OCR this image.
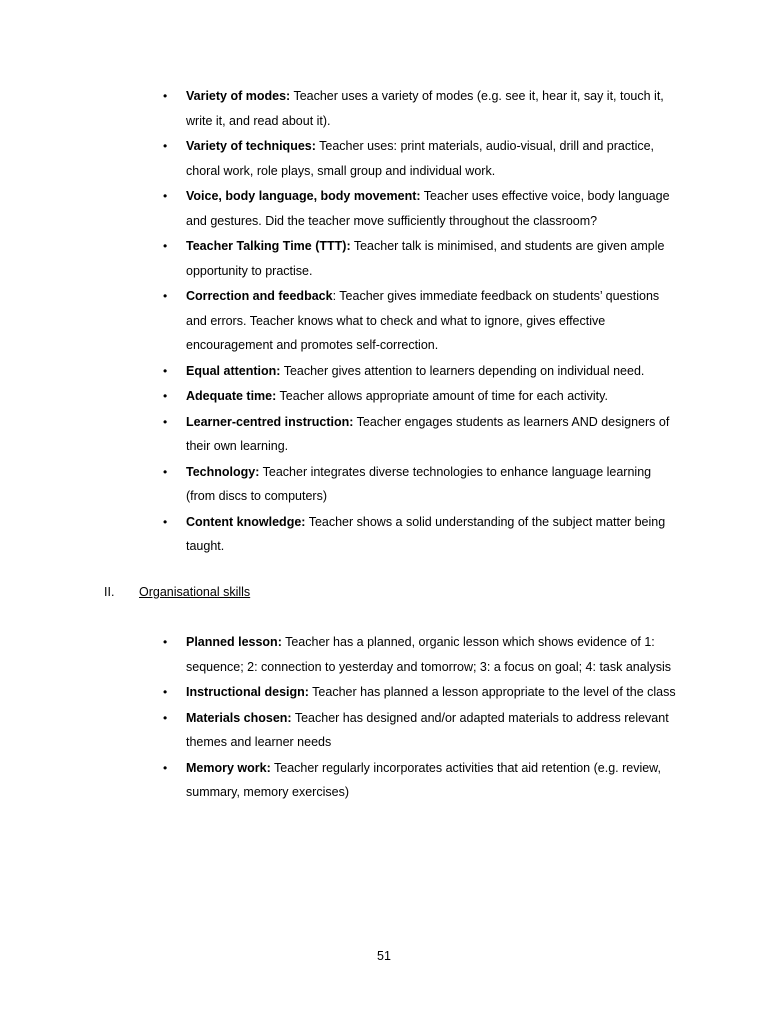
• Variety of modes: Teacher uses a variety of modes (e.g. see it, hear it, say it, touch it, write it, and read about it).
• Variety of techniques: Teacher uses: print materials, audio-visual, drill and practice, choral work, role plays, small group and individual work.
• Voice, body language, body movement: Teacher uses effective voice, body language and gestures. Did the teacher move sufficiently throughout the classroom?
• Teacher Talking Time (TTT): Teacher talk is minimised, and students are given ample opportunity to practise.
• Correction and feedback: Teacher gives immediate feedback on students’ questions and errors. Teacher knows what to check and what to ignore, gives effective encouragement and promotes self-correction.
• Equal attention: Teacher gives attention to learners depending on individual need.
• Adequate time: Teacher allows appropriate amount of time for each activity.
• Learner-centred instruction: Teacher engages students as learners AND designers of their own learning.
• Technology: Teacher integrates diverse technologies to enhance language learning (from discs to computers)
• Content knowledge: Teacher shows a solid understanding of the subject matter being taught.
II. Organisational skills
• Planned lesson: Teacher has a planned, organic lesson which shows evidence of 1: sequence; 2: connection to yesterday and tomorrow; 3: a focus on goal; 4: task analysis
• Instructional design: Teacher has planned a lesson appropriate to the level of the class
• Materials chosen: Teacher has designed and/or adapted materials to address relevant themes and learner needs
• Memory work: Teacher regularly incorporates activities that aid retention (e.g. review, summary, memory exercises)
51
